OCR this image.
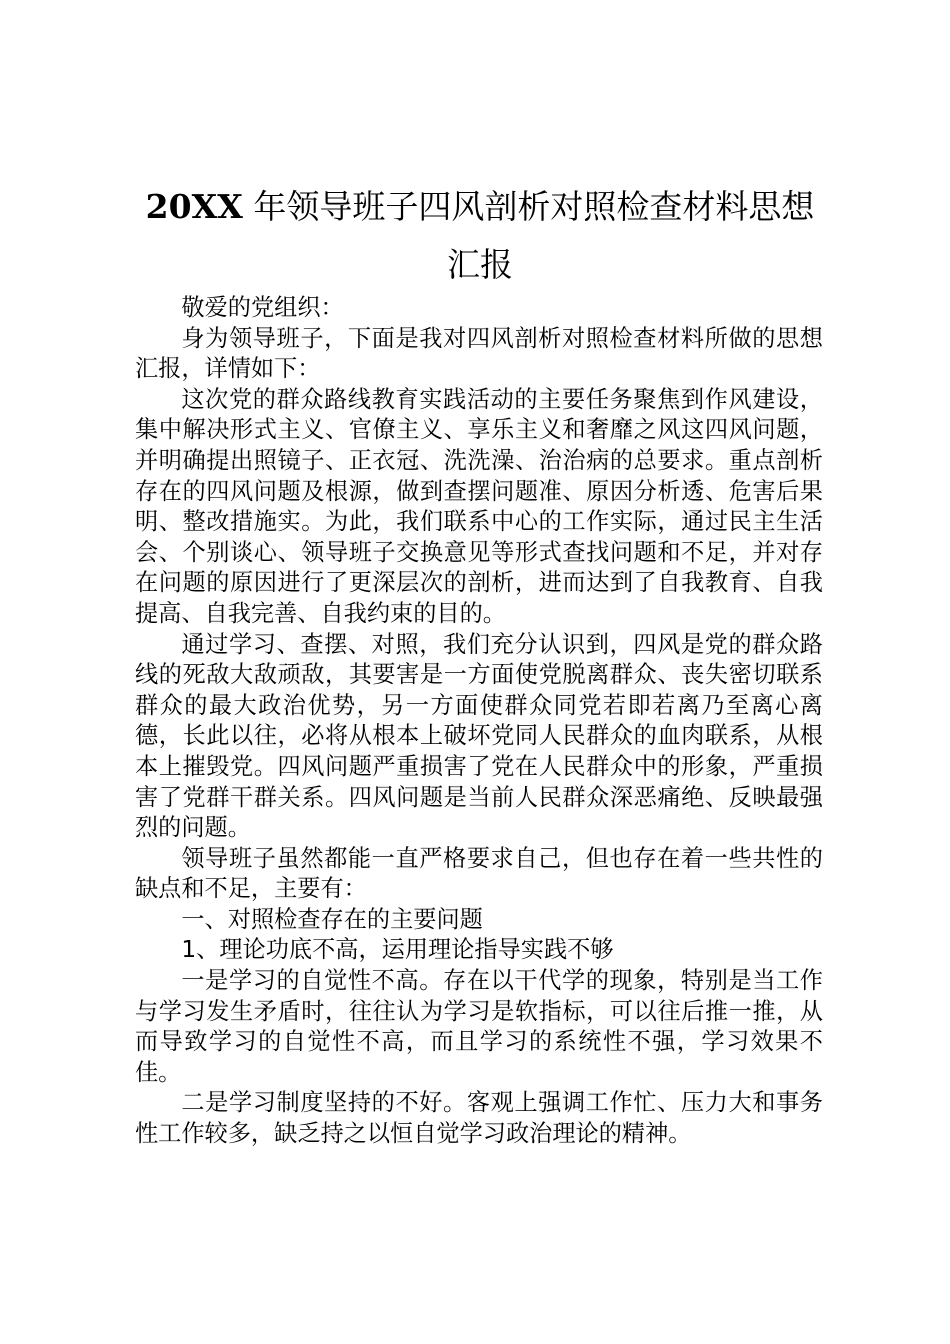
20XX 年领导班子四风剖析对照检查材料思想汇报

敬爱的党组织：

身为领导班子，下面是我对四风剖析对照检查材料所做的思想汇报，详情如下：

这次党的群众路线教育实践活动的主要任务聚焦到作风建设，集中解决形式主义、官僚主义、享乐主义和奢靡之风这四风问题，并明确提出照镜子、正衣冠、洗洗澡、治治病的总要求。重点剖析存在的四风问题及根源，做到查摆问题准、原因分析透、危害后果明、整改措施实。为此，我们联系中心的工作实际，通过民主生活会、个别谈心、领导班子交换意见等形式查找问题和不足，并对存在问题的原因进行了更深层次的剖析，进而达到了自我教育、自我提高、自我完善、自我约束的目的。

通过学习、查摆、对照，我们充分认识到，四风是党的群众路线的死敌大敌顽敌，其要害是一方面使党脱离群众、丧失密切联系群众的最大政治优势，另一方面使群众同党若即若离乃至离心离德，长此以往，必将从根本上破坏党同人民群众的血肉联系，从根本上摧毁党。四风问题严重损害了党在人民群众中的形象，严重损害了党群干群关系。四风问题是当前人民群众深恶痛绝、反映最强烈的问题。

领导班子虽然都能一直严格要求自己，但也存在着一些共性的缺点和不足，主要有：

一、对照检查存在的主要问题

1、理论功底不高，运用理论指导实践不够

一是学习的自觉性不高。存在以干代学的现象，特别是当工作与学习发生矛盾时，往往认为学习是软指标，可以往后推一推，从而导致学习的自觉性不高，而且学习的系统性不强，学习效果不佳。

二是学习制度坚持的不好。客观上强调工作忙、压力大和事务性工作较多，缺乏持之以恒自觉学习政治理论的精神。
